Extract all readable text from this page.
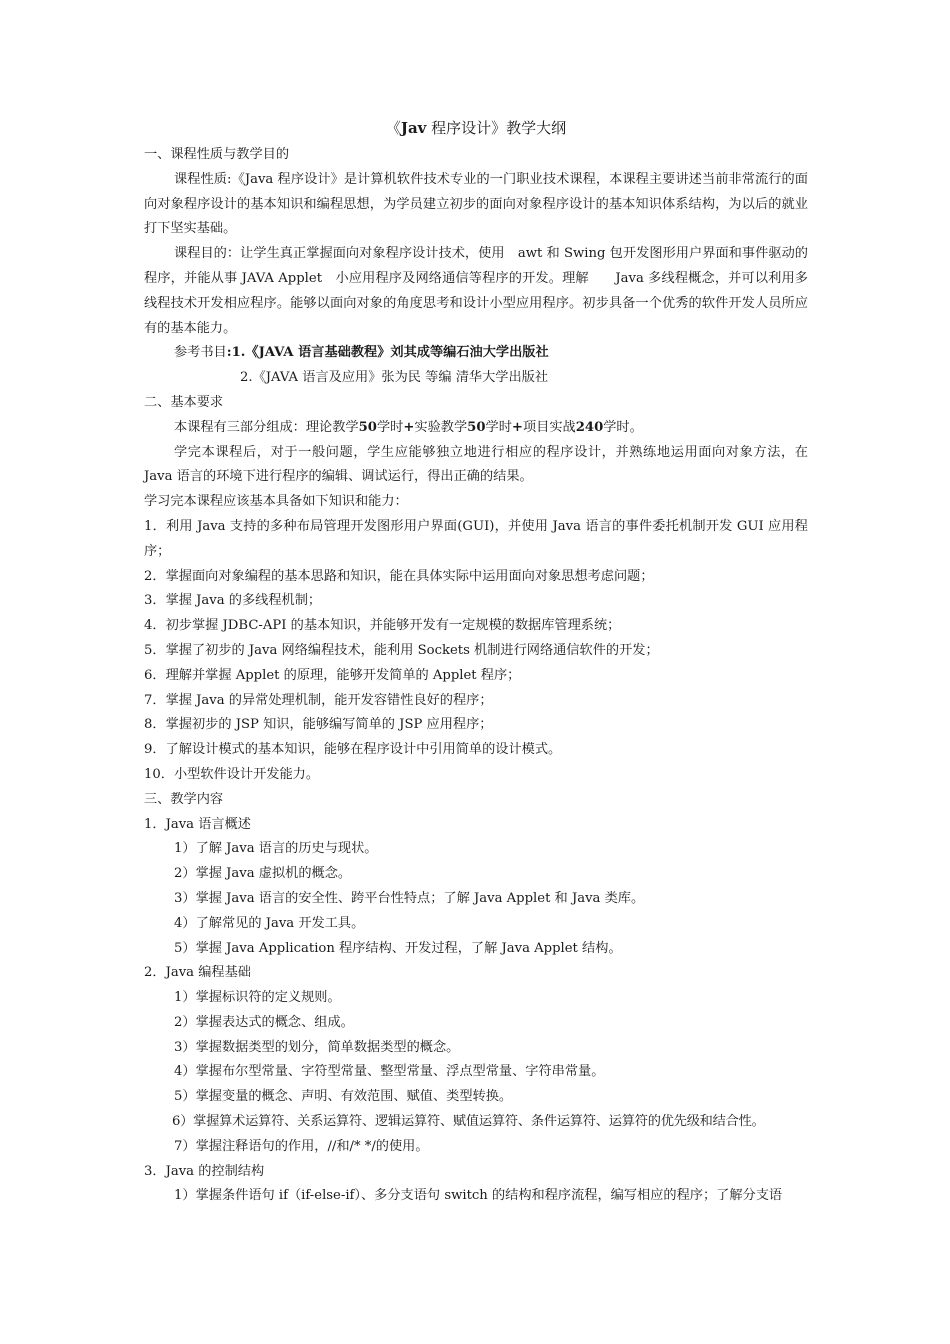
《Jav 程序设计》教学大纲

一、课程性质与教学目的

课程性质:《Java 程序设计》是计算机软件技术专业的一门职业技术课程，本课程主要讲述当前非常流行的面向对象程序设计的基本知识和编程思想，为学员建立初步的面向对象程序设计的基本知识体系结构，为以后的就业打下坚实基础。

课程目的：让学生真正掌握面向对象程序设计技术，使用　awt 和 Swing 包开发图形用户界面和事件驱动的程序，并能从事 JAVA Applet　小应用程序及网络通信等程序的开发。理解　　Java 多线程概念，并可以利用多线程技术开发相应程序。能够以面向对象的角度思考和设计小型应用程序。初步具备一个优秀的软件开发人员所应有的基本能力。

参考书目:1.《JAVA 语言基础教程》刘其成等编石油大学出版社

2.《JAVA 语言及应用》张为民 等编 清华大学出版社

二、基本要求

本课程有三部分组成：理论教学50学时+实验教学50学时+项目实战240学时。

学完本课程后，对于一般问题，学生应能够独立地进行相应的程序设计，并熟练地运用面向对象方法，在 Java 语言的环境下进行程序的编辑、调试运行，得出正确的结果。

学习完本课程应该基本具备如下知识和能力：

1．利用 Java 支持的多种布局管理开发图形用户界面(GUI)，并使用 Java 语言的事件委托机制开发 GUI 应用程序；

2．掌握面向对象编程的基本思路和知识，能在具体实际中运用面向对象思想考虑问题；

3．掌握 Java 的多线程机制；

4．初步掌握 JDBC-API 的基本知识，并能够开发有一定规模的数据库管理系统；

5．掌握了初步的 Java 网络编程技术，能利用 Sockets 机制进行网络通信软件的开发；

6．理解并掌握 Applet 的原理，能够开发简单的 Applet 程序；

7．掌握 Java 的异常处理机制，能开发容错性良好的程序；

8．掌握初步的 JSP 知识，能够编写简单的 JSP 应用程序；

9．了解设计模式的基本知识，能够在程序设计中引用简单的设计模式。

10．小型软件设计开发能力。

三、教学内容

1．Java 语言概述

1）了解 Java 语言的历史与现状。

2）掌握 Java 虚拟机的概念。

3）掌握 Java 语言的安全性、跨平台性特点；了解 Java Applet 和 Java 类库。

4）了解常见的 Java 开发工具。

5）掌握 Java Application 程序结构、开发过程，了解 Java Applet 结构。

2．Java 编程基础

1）掌握标识符的定义规则。

2）掌握表达式的概念、组成。

3）掌握数据类型的划分，简单数据类型的概念。

4）掌握布尔型常量、字符型常量、整型常量、浮点型常量、字符串常量。

5）掌握变量的概念、声明、有效范围、赋值、类型转换。

6）掌握算术运算符、关系运算符、逻辑运算符、赋值运算符、条件运算符、运算符的优先级和结合性。

7）掌握注释语句的作用，//和/* */的使用。

3．Java 的控制结构

1）掌握条件语句 if（if-else-if）、多分支语句 switch 的结构和程序流程，编写相应的程序；了解分支语
